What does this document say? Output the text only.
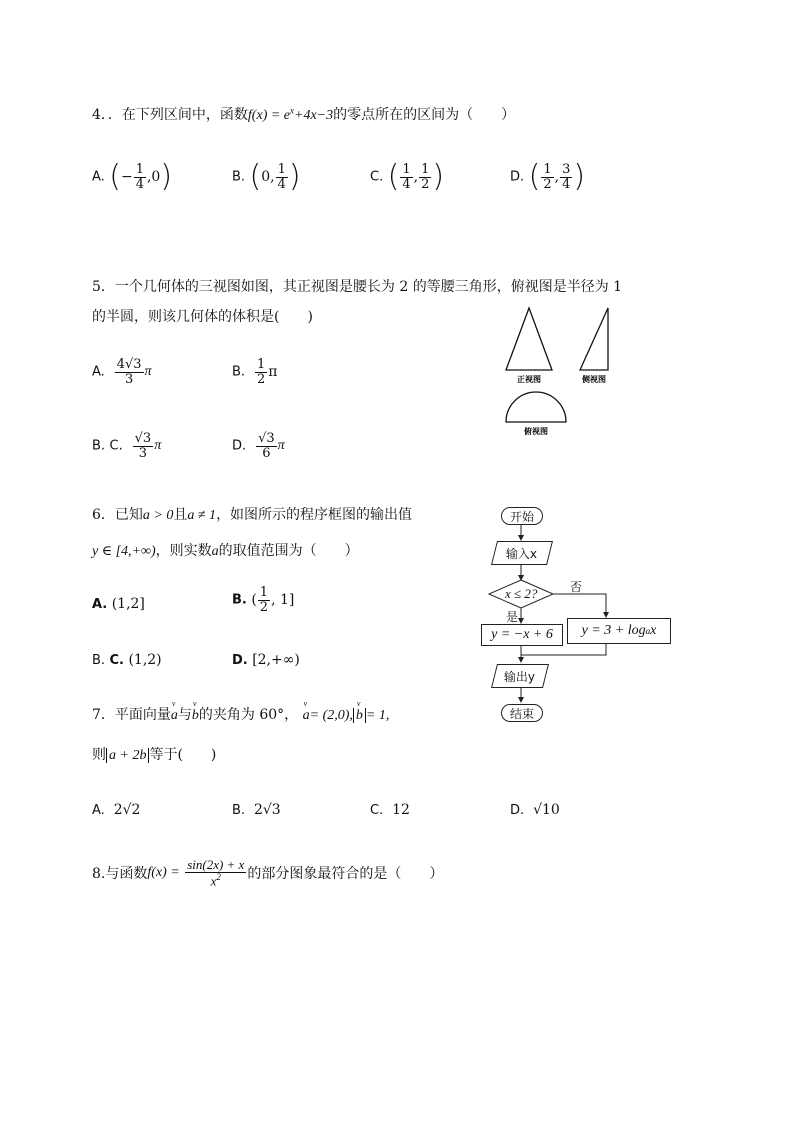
4．．在下列区间中，函数$f(x) = e^x+4x-3$的零点所在的区间为（　　）
A. (− $\frac{1}{4} ,0$)	B. (0, $\frac{1}{4}$ )	C. ( $\frac{1}{4}$ , $\frac{1}{2}$ )	D. ( $\frac{1}{2}$ , $\frac{3}{4}$ )
5．一个几何体的三视图如图，其正视图是腰长为 2 的等腰三角形，俯视图是半径为 1
的半圆，则该几何体的体积是(　　)
A. $\frac{4√3}{3}$ π	B. $\frac{1}{2}$ π
B. C. $\frac{√3}{3}$ π	D. $\frac{√3}{6}$ π
正视图	侧视图
俯视图
6．已知a > 0且a ≠ 1，如图所示的程序框图的输出值
y ∈ [4,+∞)，则实数a的取值范围为（　　）
A. (1,2]	B. ( $\frac{1}{2}$ , 1]
B. C. (1,2)	D. [2,+∞)
开始
输入x
x ≤ 2?	否
是
y = −x + 6	y = 3 + log a x
输出y
结束
7．平面向量
v
a与
v
b的夹角为 60°，
v
a= (2,0),
v
b = 1,
则 a + 2b 等于(　　)
A. 2√2	B. 2√3	C. 12	D. √10
8.与函数$f(x) = \frac{\sin(2x) + x}{x^2}$ 的部分图象最符合的是（　　）
